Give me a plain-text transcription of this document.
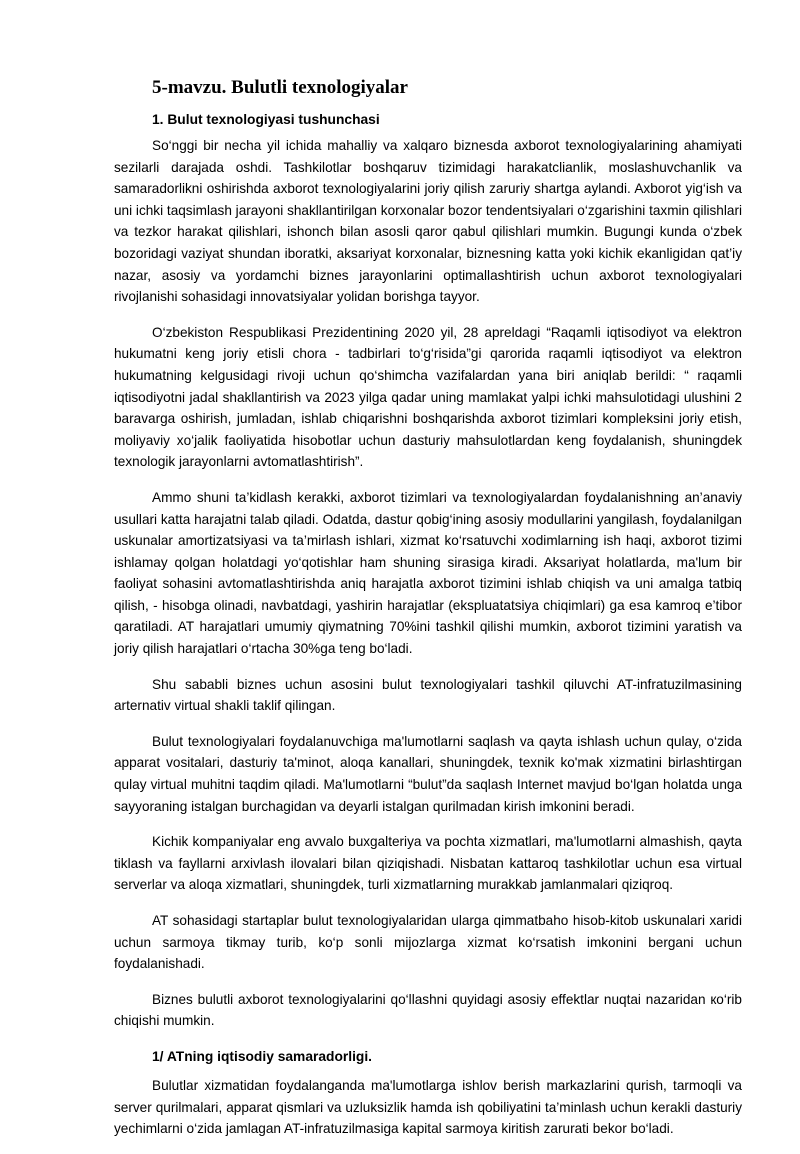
5-mavzu. Bulutli texnologiyalar
1. Bulut texnologiyasi tushunchasi

So‘nggi bir necha yil ichida mahalliy va xalqaro biznesda axborot texnologiyalarining ahamiyati sezilarli darajada oshdi. Tashkilotlar boshqaruv tizimidagi harakatclianlik, moslashuvchanlik va samaradorlikni oshirishda axborot texnologiyalarini joriy qilish zaruriy shartga aylandi. Axborot yig‘ish va uni ichki taqsimlash jarayoni shakllantirilgan korxonalar bozor tendentsiyalari o‘zgarishini taxmin qilishlari va tezkor harakat qilishlari, ishonch bilan asosli qaror qabul qilishlari mumkin. Bugungi kunda o‘zbek bozoridagi vaziyat shundan iboratki, aksariyat korxonalar, biznesning katta yoki kichik ekanligidan qat’iy nazar, asosiy va yordamchi biznes jarayonlarini optimallashtirish uchun axborot texnologiyalari rivojlanishi sohasidagi innovatsiyalar yolidan borishga tayyor.

O‘zbekiston Respublikasi Prezidentining 2020 yil, 28 apreldagi “Raqamli iqtisodiyot va elektron hukumatni keng joriy etisli chora - tadbirlari to‘g‘risida”gi qarorida raqamli iqtisodiyot va elektron hukumatning kelgusidagi rivoji uchun qo‘shimcha vazifalardan yana biri aniqlab berildi: “ raqamli iqtisodiyotni jadal shakllantirish va 2023 yilga qadar uning mamlakat yalpi ichki mahsulotidagi ulushini 2 baravarga oshirish, jumladan, ishlab chiqarishni boshqarishda axborot tizimlari kompleksini joriy etish, moliyaviy xo‘jalik faoliyatida hisobotlar uchun dasturiy mahsulotlardan keng foydalanish, shuningdek texnologik jarayonlarni avtomatlashtirish”.

Ammo shuni ta’kidlash kerakki, axborot tizimlari va texnologiyalardan foydalanishning an’anaviy usullari katta harajatni talab qiladi. Odatda, dastur qobig‘ining asosiy modullarini yangilash, foydalanilgan uskunalar amortizatsiyasi va ta’mirlash ishlari, xizmat ko‘rsatuvchi xodimlarning ish haqi, axborot tizimi ishlamay qolgan holatdagi yo‘qotishlar ham shuning sirasiga kiradi. Aksariyat holatlarda, ma'lum bir faoliyat sohasini avtomatlashtirishda aniq harajatla axborot tizimini ishlab chiqish va uni amalga tatbiq qilish, - hisobga olinadi, navbatdagi, yashirin harajatlar (ekspluatatsiya chiqimlari) ga esa kamroq e’tibor qaratiladi. AT harajatlari umumiy qiymatning 70%ini tashkil qilishi mumkin, axborot tizimini yaratish va joriy qilish harajatlari o‘rtacha 30%ga teng bo‘ladi.

Shu sababli biznes uchun asosini bulut texnologiyalari tashkil qiluvchi AT-infratuzilmasining arternativ virtual shakli taklif qilingan.

Bulut texnologiyalari foydalanuvchiga ma'lumotlarni saqlash va qayta ishlash uchun qulay, o‘zida apparat vositalari, dasturiy ta'minot, aloqa kanallari, shuningdek, texnik ko'mak xizmatini birlashtirgan qulay virtual muhitni taqdim qiladi. Ma'lumotlarni “bulut”da saqlash Internet mavjud bo‘lgan holatda unga sayyoraning istalgan burchagidan va deyarli istalgan qurilmadan kirish imkonini beradi.

Kichik kompaniyalar eng avvalo buxgalteriya va pochta xizmatlari, ma'lumotlarni almashish, qayta tiklash va fayllarni arxivlash ilovalari bilan qiziqishadi. Nisbatan kattaroq tashkilotlar uchun esa virtual serverlar va aloqa xizmatlari, shuningdek, turli xizmatlarning murakkab jamlanmalari qiziqroq.

AT sohasidagi startaplar bulut texnologiyalaridan ularga qimmatbaho hisob-kitob uskunalari xaridi uchun sarmoya tikmay turib, ko‘p sonli mijozlarga xizmat ko‘rsatish imkonini bergani uchun foydalanishadi.

Biznes bulutli axborot texnologiyalarini qo‘llashni quyidagi asosiy effektlar nuqtai nazaridan кo‘rib chiqishi mumkin.

1/ ATning iqtisodiy samaradorligi.

Bulutlar xizmatidan foydalanganda ma'lumotlarga ishlov berish markazlarini qurish, tarmoqli va server qurilmalari, apparat qismlari va uzluksizlik hamda ish qobiliyatini ta’minlash uchun kerakli dasturiy yechimlarni o‘zida jamlagan AT-infratuzilmasiga kapital sarmoya kiritish zarurati bekor bo‘ladi.
